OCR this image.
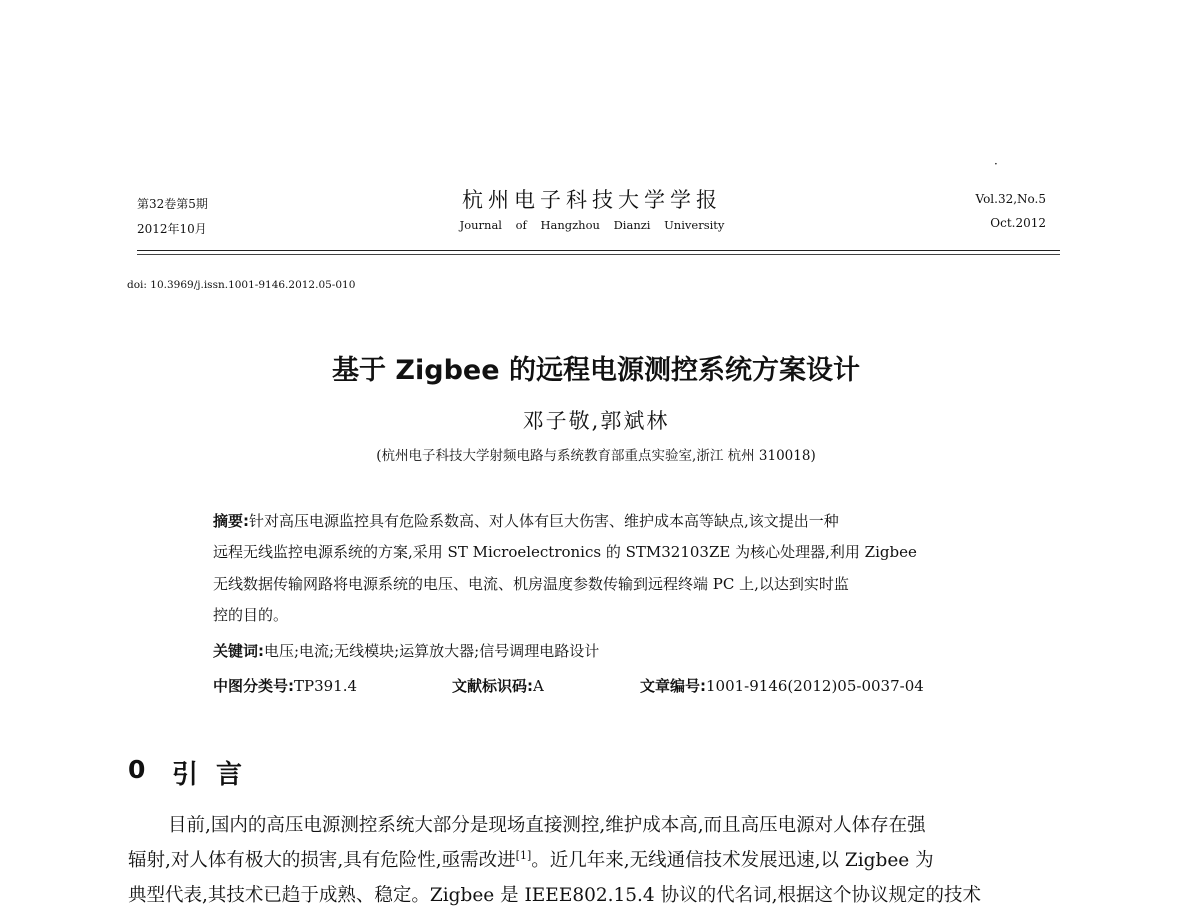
·
第32卷第5期
2012年10月
杭州电子科技大学学报
Journal of Hangzhou Dianzi University
Vol.32,No.5
Oct.2012
doi: 10.3969/j.issn.1001-9146.2012.05-010
基于 Zigbee 的远程电源测控系统方案设计
邓子敬,郭斌林
(杭州电子科技大学射频电路与系统教育部重点实验室,浙江 杭州 310018)
摘要:针对高压电源监控具有危险系数高、对人体有巨大伤害、维护成本高等缺点,该文提出一种
远程无线监控电源系统的方案,采用 ST Microelectronics 的 STM32103ZE 为核心处理器,利用 Zigbee
无线数据传输网路将电源系统的电压、电流、机房温度参数传输到远程终端 PC 上,以达到实时监
控的目的。
关键词:电压;电流;无线模块;运算放大器;信号调理电路设计
中图分类号:TP391.4	文献标识码:A	文章编号:1001-9146(2012)05-0037-04
0 引言
目前,国内的高压电源测控系统大部分是现场直接测控,维护成本高,而且高压电源对人体存在强
辐射,对人体有极大的损害,具有危险性,亟需改进[1]。近几年来,无线通信技术发展迅速,以 Zigbee 为
典型代表,其技术已趋于成熟、稳定。Zigbee 是 IEEE802.15.4 协议的代名词,根据这个协议规定的技术
